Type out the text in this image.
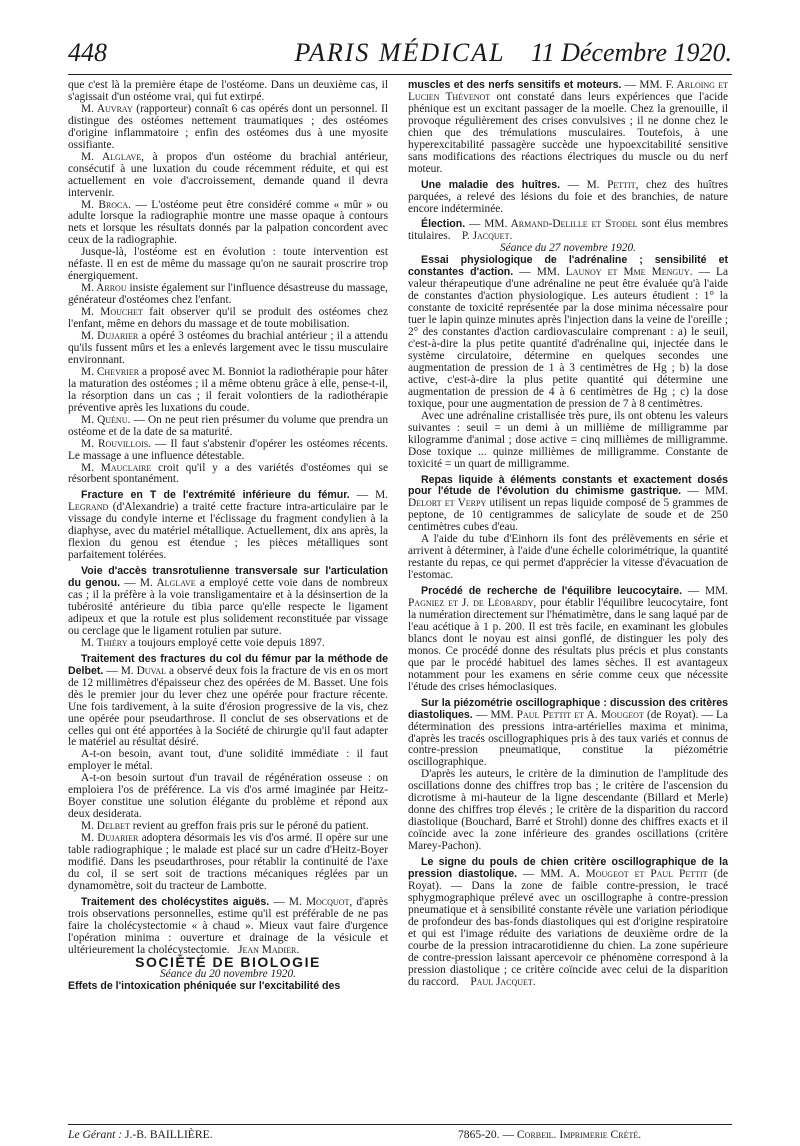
448	PARIS MÉDICAL 11 Décembre 1920.

que c'est là la première étape de l'ostéome. Dans un deuxième cas, il s'agissait d'un ostéome vrai, qui fut extirpé.

M. Auvray (rapporteur) connaît 6 cas opérés dont un personnel. Il distingue des ostéomes nettement traumatiques ; des ostéomes d'origine inflammatoire ; enfin des ostéomes dus à une myosite ossifiante.

M. Alglave, à propos d'un ostéome du brachial antérieur, consécutif à une luxation du coude récemment réduite, et qui est actuellement en voie d'accroissement, demande quand il devra intervenir.

M. Broca. — L'ostéome peut être considéré comme « mûr » ou adulte lorsque la radiographie montre une masse opaque à contours nets et lorsque les résultats donnés par la palpation concordent avec ceux de la radiographie.

Jusque-là, l'ostéome est en évolution : toute intervention est néfaste. Il en est de même du massage qu'on ne saurait proscrire trop énergiquement.

M. Arrou insiste également sur l'influence désastreuse du massage, générateur d'ostéomes chez l'enfant.

M. Mouchet fait observer qu'il se produit des ostéomes chez l'enfant, même en dehors du massage et de toute mobilisation.

M. Dujarier a opéré 3 ostéomes du brachial antérieur ; il a attendu qu'ils fussent mûrs et les a enlevés largement avec le tissu musculaire environnant.

M. Chevrier a proposé avec M. Bonniot la radiothérapie pour hâter la maturation des ostéomes ; il a même obtenu grâce à elle, pense-t-il, la résorption dans un cas ; il ferait volontiers de la radiothérapie préventive après les luxations du coude.

M. Quénu. — On ne peut rien présumer du volume que prendra un ostéome et de la date de sa maturité.

M. Rouvillois. — Il faut s'abstenir d'opérer les ostéomes récents. Le massage a une influence détestable.

M. Mauclaire croit qu'il y a des variétés d'ostéomes qui se résorbent spontanément.

Fracture en T de l'extrémité inférieure du fémur. — M. Legrand (d'Alexandrie) a traité cette fracture intra-articulaire par le vissage du condyle interne et l'éclissage du fragment condylien à la diaphyse, avec du matériel métallique. Actuellement, dix ans après, la flexion du genou est étendue ; les pièces métalliques sont parfaitement tolérées.

Voie d'accès transrotulienne transversale sur l'articulation du genou. — M. Alglave a employé cette voie dans de nombreux cas ; il la préfère à la voie transligamentaire et à la désinsertion de la tubérosité antérieure du tibia parce qu'elle respecte le ligament adipeux et que la rotule est plus solidement reconstituée par vissage ou cerclage que le ligament rotulien par suture.

M. Thiéry a toujours employé cette voie depuis 1897.

Traitement des fractures du col du fémur par la méthode de Delbet. — M. Duval a observé deux fois la fracture de vis en os mort de 12 millimètres d'épaisseur chez des opérées de M. Basset. Une fois dès le premier jour du lever chez une opérée pour fracture récente. Une fois tardivement, à la suite d'érosion progressive de la vis, chez une opérée pour pseudarthrose. Il conclut de ses observations et de celles qui ont été apportées à la Société de chirurgie qu'il faut adapter le matériel au résultat désiré.

A-t-on besoin, avant tout, d'une solidité immédiate : il faut employer le métal.

A-t-on besoin surtout d'un travail de régénération osseuse : on emploiera l'os de préférence. La vis d'os armé imaginée par Heitz-Boyer constitue une solution élégante du problème et répond aux deux desiderata.

M. Delbet revient au greffon frais pris sur le péroné du patient.

M. Dujarier adoptera désormais les vis d'os armé. Il opère sur une table radiographique ; le malade est placé sur un cadre d'Heitz-Boyer modifié. Dans les pseudarthroses, pour rétablir la continuité de l'axe du col, il se sert soit de tractions mécaniques réglées par un dynamomètre, soit du tracteur de Lambotte.

Traitement des cholécystites aiguës. — M. Mocquot, d'après trois observations personnelles, estime qu'il est préférable de ne pas faire la cholécystectomie « à chaud ». Mieux vaut faire d'urgence l'opération minima : ouverture et drainage de la vésicule et ultérieurement la cholécystectomie. Jean Madier.

SOCIÉTÉ DE BIOLOGIE

Séance du 20 novembre 1920.

Effets de l'intoxication phéniquée sur l'excitabilité des

muscles et des nerfs sensitifs et moteurs. — MM. F. Arloing et Lucien Thévenot ont constaté dans leurs expériences que l'acide phénique est un excitant passager de la moelle. Chez la grenouille, il provoque régulièrement des crises convulsives ; il ne donne chez le chien que des trémulations musculaires. Toutefois, à une hyperexcitabilité passagère succède une hypoexcitabilité sensitive sans modifications des réactions électriques du muscle ou du nerf moteur.

Une maladie des huîtres. — M. Pettit, chez des huîtres parquées, a relevé des lésions du foie et des branchies, de nature encore indéterminée.

Élection. — MM. Armand-Delille et Stodel sont élus membres titulaires. P. Jacquet.

Séance du 27 novembre 1920.

Essai physiologique de l'adrénaline ; sensibilité et constantes d'action. — MM. Launoy et Mme Menguy. — La valeur thérapeutique d'une adrénaline ne peut être évaluée qu'à l'aide de constantes d'action physiologique. Les auteurs étudient : 1° la constante de toxicité représentée par la dose minima nécessaire pour tuer le lapin quinze minutes après l'injection dans la veine de l'oreille ; 2° des constantes d'action cardiovasculaire comprenant : a) le seuil, c'est-à-dire la plus petite quantité d'adrénaline qui, injectée dans le système circulatoire, détermine en quelques secondes une augmentation de pression de 1 à 3 centimètres de Hg ; b) la dose active, c'est-à-dire la plus petite quantité qui détermine une augmentation de pression de 4 à 6 centimètres de Hg ; c) la dose toxique, pour une augmentation de pression de 7 à 8 centimètres.

Avec une adrénaline cristallisée très pure, ils ont obtenu les valeurs suivantes : seuil = un demi à un millième de milligramme par kilogramme d'animal ; dose active = cinq millièmes de milligramme. Dose toxique ... quinze millièmes de milligramme. Constante de toxicité = un quart de milligramme.

Repas liquide à éléments constants et exactement dosés pour l'étude de l'évolution du chimisme gastrique. — MM. Delort et Verpy utilisent un repas liquide composé de 5 grammes de peptone, de 10 centigrammes de salicylate de soude et de 250 centimètres cubes d'eau.

A l'aide du tube d'Einhorn ils font des prélèvements en série et arrivent à déterminer, à l'aide d'une échelle colorimétrique, la quantité restante du repas, ce qui permet d'apprécier la vitesse d'évacuation de l'estomac.

Procédé de recherche de l'équilibre leucocytaire. — MM. Pagniez et J. de Léobardy, pour établir l'équilibre leucocytaire, font la numération directement sur l'hématimètre, dans le sang laqué par de l'eau acétique à 1 p. 200. Il est très facile, en examinant les globules blancs dont le noyau est ainsi gonflé, de distinguer les poly des monos. Ce procédé donne des résultats plus précis et plus constants que par le procédé habituel des lames sèches. Il est avantageux notamment pour les examens en série comme ceux que nécessite l'étude des crises hémoclasiques.

Sur la piézométrie oscillographique : discussion des critères diastoliques. — MM. Paul Pettit et A. Mougeot (de Royat). — La détermination des pressions intra-artérielles maxima et minima, d'après les tracés oscillographiques pris à des taux variés et connus de contre-pression pneumatique, constitue la piézométrie oscillographique.

D'après les auteurs, le critère de la diminution de l'amplitude des oscillations donne des chiffres trop bas ; le critère de l'ascension du dicrotisme à mi-hauteur de la ligne descendante (Billard et Merle) donne des chiffres trop élevés ; le critère de la disparition du raccord diastolique (Bouchard, Barré et Strohl) donne des chiffres exacts et il coïncide avec la zone inférieure des grandes oscillations (critère Marey-Pachon).

Le signe du pouls de chien critère oscillographique de la pression diastolique. — MM. A. Mougeot et Paul Pettit (de Royat). — Dans la zone de faible contre-pression, le tracé sphygmographique prélevé avec un oscillographe à contre-pression pneumatique et à sensibilité constante révèle une variation périodique de profondeur des bas-fonds diastoliques qui est d'origine respiratoire et qui est l'image réduite des variations de deuxième ordre de la courbe de la pression intracarotidienne du chien. La zone supérieure de contre-pression laissant apercevoir ce phénomène correspond à la pression diastolique ; ce critère coïncide avec celui de la disparition du raccord. Paul Jacquet.

Le Gérant : J.-B. BAILLIÈRE.	7865-20. — Corbeil. Imprimerie Crété.
